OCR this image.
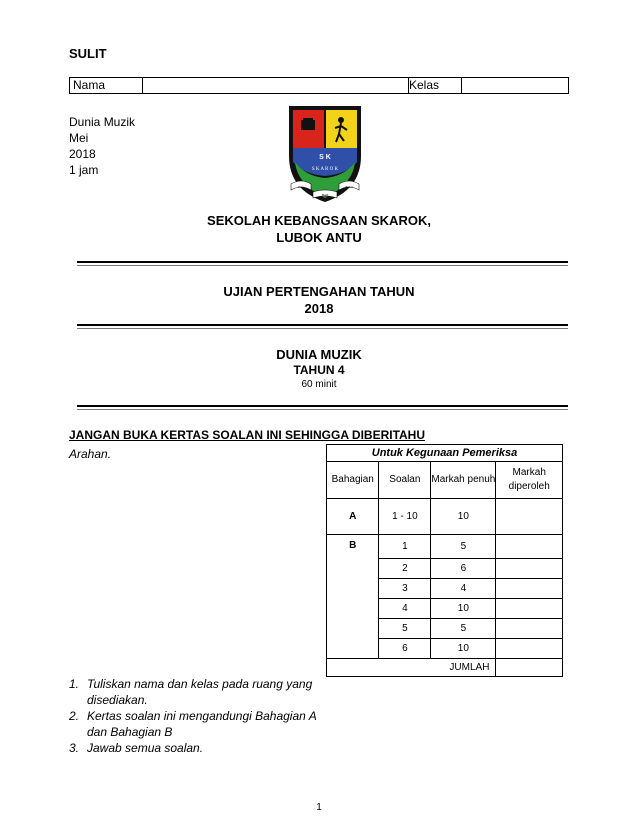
SULIT
Nama	Kelas
Dunia Muzik
Mei
2018
1 jam
S K
S K A R O K
Ilmu	Bakti
Budi
SEKOLAH KEBANGSAAN SKAROK,
LUBOK ANTU
UJIAN PERTENGAHAN TAHUN
2018
DUNIA MUZIK
TAHUN 4
60 minit
JANGAN BUKA KERTAS SOALAN INI SEHINGGA DIBERITAHU
Arahan.	Untuk Kegunaan Pemeriksa			
Bahagian	Soalan	Markah penuh	Markah diperoleh
A	1 - 10	10	
B	1	5	
	2	6	
	3	4	
	4	10	
	5	5	
	6	10	
JUMLAH			
1. Tuliskan nama dan kelas pada ruang yang disediakan.
2. Kertas soalan ini mengandungi Bahagian A dan Bahagian B
3. Jawab semua soalan.
1
